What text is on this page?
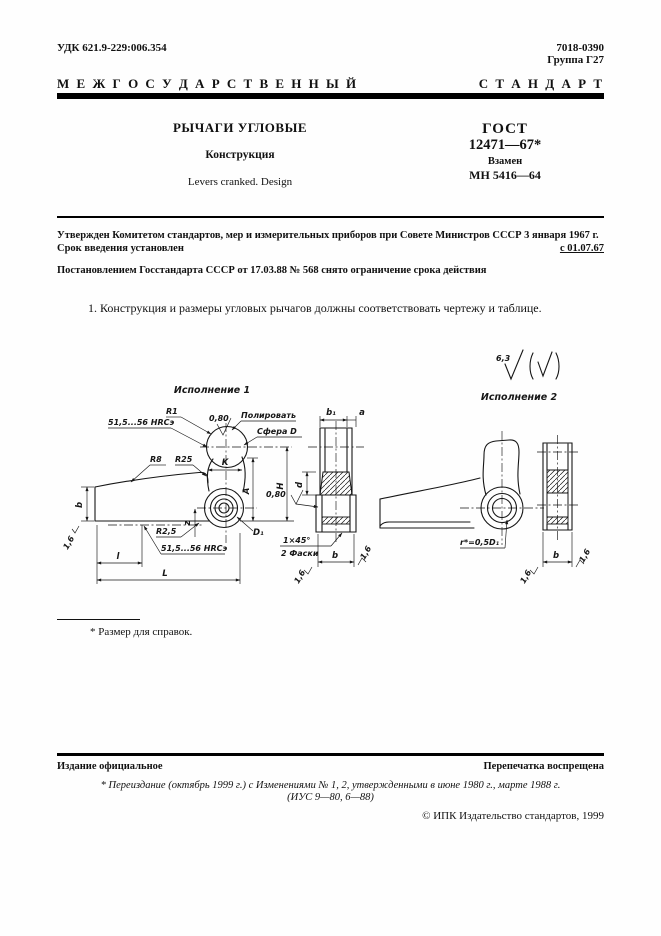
УДК 621.9-229:006.354	7018-0390
Группа Г27
М Е Ж Г О С У Д А Р С Т В Е Н Н Ы Й	С Т А Н Д А Р Т
РЫЧАГИ УГЛОВЫЕ
Конструкция
Levers cranked. Design
ГОСТ
12471—67*
Взамен
МН 5416—64
Утвержден Комитетом стандартов, мер и измерительных приборов при Совете Министров СССР 3 января 1967 г.
Срок введения установлен	с 01.07.67
Постановлением Госстандарта СССР от 17.03.88 № 568 снято ограничение срока действия
1. Конструкция и размеры угловых рычагов должны соответствовать чертежу и таблице.
6,3
Исполнение 1
b
1,6
l
L
K
A
H
z
51,5...56 HRCэ
R1
0,80 Полировать
Сфера D
R8 R25
R2,5
51,5...56 HRCэ
D₁
1×45°
2 Фаски
b₁	a
d
0,80
b
1,6
1,6
Исполнение 2
r*=0,5D₁
b
1,6
1,6
* Размер для справок.
Издание официальное	Перепечатка воспрещена
* Переиздание (октябрь 1999 г.) с Изменениями № 1, 2, утвержденными в июне 1980 г., марте 1988 г.
(ИУС 9—80, 6—88)
© ИПК Издательство стандартов, 1999
